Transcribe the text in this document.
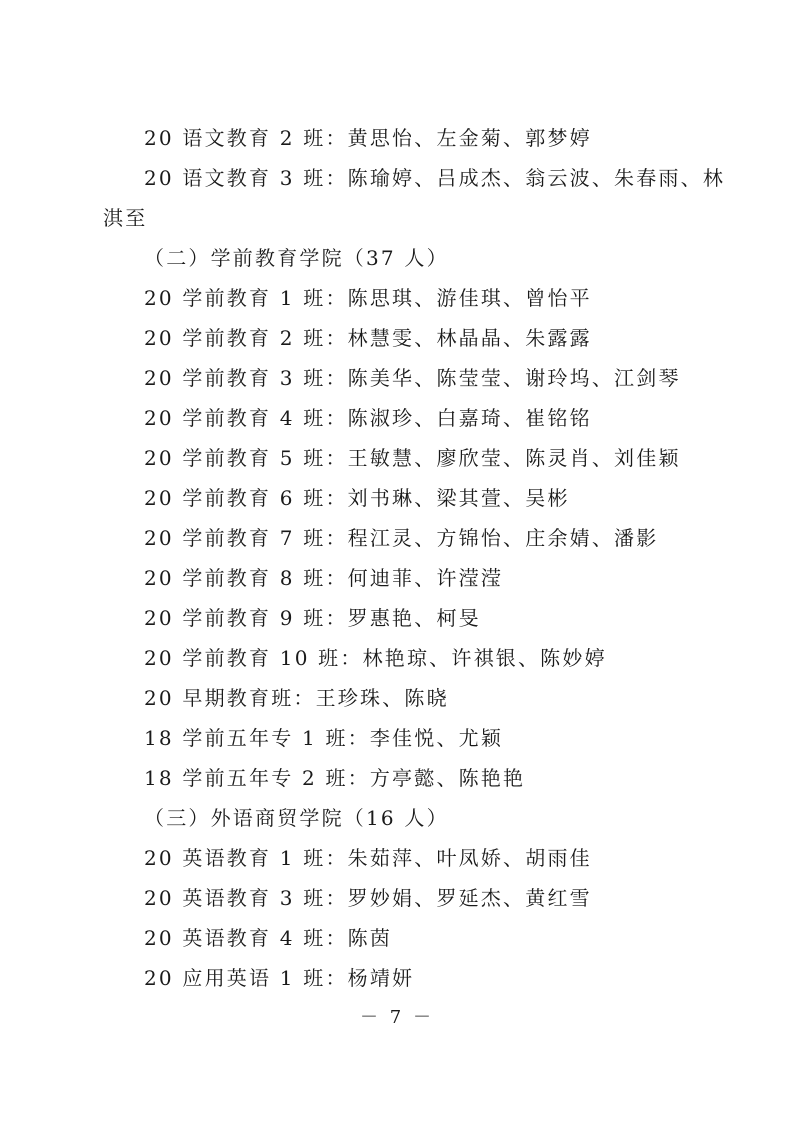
20 语文教育 2 班：黄思怡、左金菊、郭梦婷
20 语文教育 3 班：陈瑜婷、吕成杰、翁云波、朱春雨、林
淇至
（二）学前教育学院（37 人）
20 学前教育 1 班：陈思琪、游佳琪、曾怡平
20 学前教育 2 班：林慧雯、林晶晶、朱露露
20 学前教育 3 班：陈美华、陈莹莹、谢玲坞、江剑琴
20 学前教育 4 班：陈淑珍、白嘉琦、崔铭铭
20 学前教育 5 班：王敏慧、廖欣莹、陈灵肖、刘佳颖
20 学前教育 6 班：刘书琳、梁其萱、吴彬
20 学前教育 7 班：程江灵、方锦怡、庄余婧、潘影
20 学前教育 8 班：何迪菲、许滢滢
20 学前教育 9 班：罗惠艳、柯旻
20 学前教育 10 班：林艳琼、许祺银、陈妙婷
20 早期教育班：王珍珠、陈晓
18 学前五年专 1 班：李佳悦、尤颖
18 学前五年专 2 班：方亭懿、陈艳艳
（三）外语商贸学院（16 人）
20 英语教育 1 班：朱茹萍、叶凤娇、胡雨佳
20 英语教育 3 班：罗妙娟、罗延杰、黄红雪
20 英语教育 4 班：陈茵
20 应用英语 1 班：杨靖妍
－ 7 －
